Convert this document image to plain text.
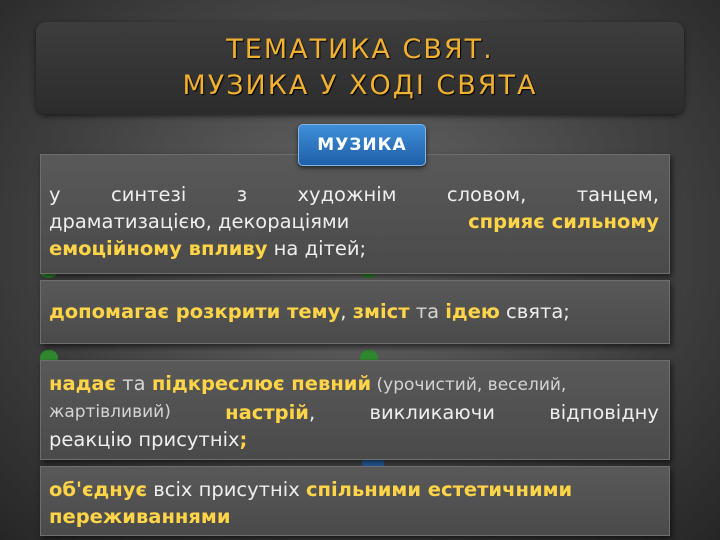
ТЕМАТИКА СВЯТ.
МУЗИКА У ХОДІ СВЯТА
МУЗИКА
у	синтезі	з	художнім	словом,	танцем,
драматизацією, декораціями	сприяє сильному
емоційному впливу на дітей;
допомагає розкрити тему, зміст та ідею свята;
надає та підкреслює певний (урочистий, веселий,
жартівливий)	настрій,	викликаючи	відповідну
реакцію присутніх;
об'єднує всіх присутніх спільними естетичними
переживаннями
